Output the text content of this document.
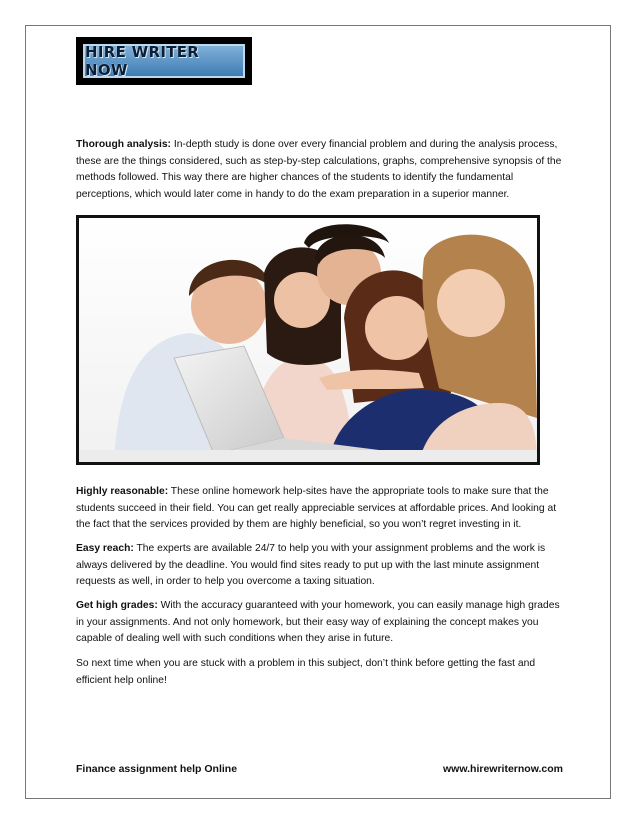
HIRE WRITER NOW

Thorough analysis: In-depth study is done over every financial problem and during the analysis process, these are the things considered, such as step-by-step calculations, graphs, comprehensive synopsis of the methods followed. This way there are higher chances of the students to identify the fundamental perceptions, which would later come in handy to do the exam preparation in a superior manner.

Highly reasonable: These online homework help-sites have the appropriate tools to make sure that the students succeed in their field. You can get really appreciable services at affordable prices. And looking at the fact that the services provided by them are highly beneficial, so you won’t regret investing in it.

Easy reach: The experts are available 24/7 to help you with your assignment problems and the work is always delivered by the deadline. You would find sites ready to put up with the last minute assignment requests as well, in order to help you overcome a taxing situation.

Get high grades: With the accuracy guaranteed with your homework, you can easily manage high grades in your assignments. And not only homework, but their easy way of explaining the concept makes you capable of dealing well with such conditions when they arise in future.

So next time when you are stuck with a problem in this subject, don’t think before getting the fast and efficient help online!

Finance assignment help Online	www.hirewriternow.com
